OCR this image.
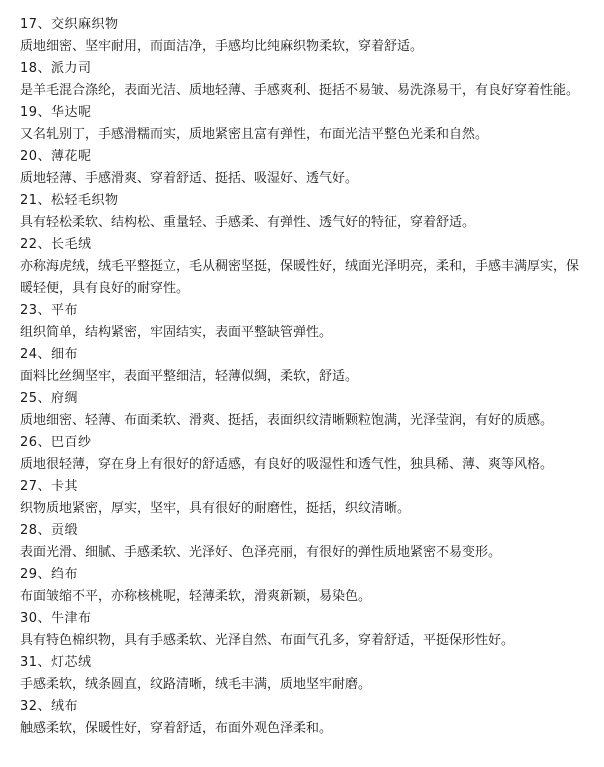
17、交织麻织物
质地细密、坚牢耐用，而面洁净，手感均比纯麻织物柔软，穿着舒适。
18、派力司
是羊毛混合涤纶，表面光洁、质地轻薄、手感爽利、挺括不易皱、易洗涤易干，有良好穿着性能。
19、华达呢
又名轧别丁，手感滑糯而实，质地紧密且富有弹性，布面光洁平整色光柔和自然。
20、薄花呢
质地轻薄、手感滑爽、穿着舒适、挺括、吸湿好、透气好。
21、松轻毛织物
具有轻松柔软、结构松、重量轻、手感柔、有弹性、透气好的特征，穿着舒适。
22、长毛绒
亦称海虎绒，绒毛平整挺立，毛从稠密坚挺，保暖性好，绒面光泽明亮，柔和，手感丰满厚实，保暖轻便，具有良好的耐穿性。
23、平布
组织简单，结构紧密，牢固结实，表面平整缺管弹性。
24、细布
面料比丝绸坚牢，表面平整细洁，轻薄似绸，柔软，舒适。
25、府绸
质地细密、轻薄、布面柔软、滑爽、挺括，表面织纹清晰颗粒饱满，光泽莹润，有好的质感。
26、巴百纱
质地很轻薄，穿在身上有很好的舒适感，有良好的吸湿性和透气性，独具稀、薄、爽等风格。
27、卡其
织物质地紧密，厚实，坚牢，具有很好的耐磨性，挺括，织纹清晰。
28、贡缎
表面光滑、细腻、手感柔软、光泽好、色泽亮丽，有很好的弹性质地紧密不易变形。
29、绉布
布面皱缩不平，亦称核桃呢，轻薄柔软，滑爽新颖，易染色。
30、牛津布
具有特色棉织物，具有手感柔软、光泽自然、布面气孔多，穿着舒适，平挺保形性好。
31、灯芯绒
手感柔软，绒条圆直，纹路清晰，绒毛丰满，质地坚牢耐磨。
32、绒布
触感柔软，保暖性好，穿着舒适，布面外观色泽柔和。
